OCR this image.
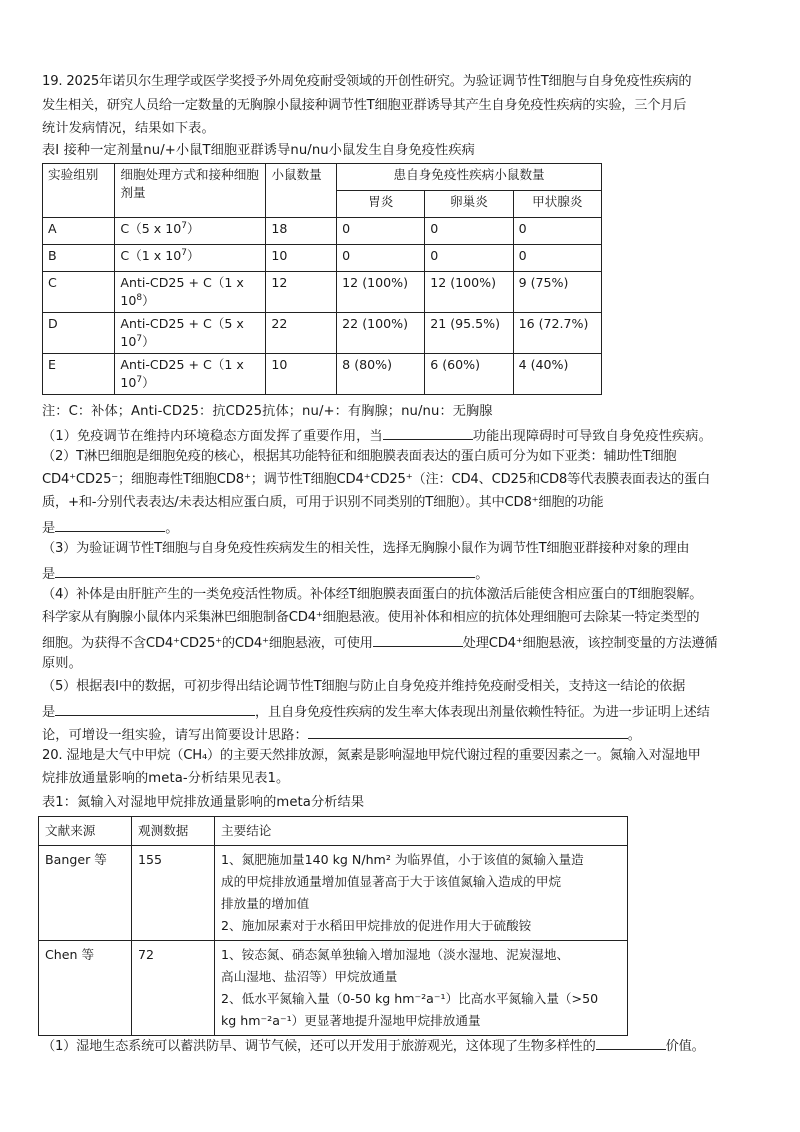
19. 2025年诺贝尔生理学或医学奖授予外周免疫耐受领域的开创性研究。为验证调节性T细胞与自身免疫性疾病的
发生相关，研究人员给一定数量的无胸腺小鼠接种调节性T细胞亚群诱导其产生自身免疫性疾病的实验，三个月后
统计发病情况，结果如下表。
表Ⅰ 接种一定剂量nu/+小鼠T细胞亚群诱导nu/nu小鼠发生自身免疫性疾病
实验组别	细胞处理方式和接种细胞剂量	小鼠数量	患自身免疫性疾病小鼠数量		
			胃炎	卵巢炎	甲状腺炎
A	C（5 x $10^7$）	18	0	0	0
B	C（1 x $10^7$）	10	0	0	0
C	Anti-CD25 + C（1 x $10^8$）	12	12 (100%)	12 (100%)	9 (75%)
D	Anti-CD25 + C（5 x $10^7$）	22	22 (100%)	21 (95.5%)	16 (72.7%)
E	Anti-CD25 + C（1 x $10^7$）	10	8 (80%)	6 (60%)	4 (40%)
注：C：补体；Anti-CD25：抗CD25抗体；nu/+：有胸腺；nu/nu：无胸腺
（1）免疫调节在维持内环境稳态方面发挥了重要作用，当	功能出现障碍时可导致自身免疫性疾病。
（2）T淋巴细胞是细胞免疫的核心，根据其功能特征和细胞膜表面表达的蛋白质可分为如下亚类：辅助性T细胞
CD4⁺CD25⁻；细胞毒性T细胞CD8⁺；调节性T细胞CD4⁺CD25⁺（注：CD4、CD25和CD8等代表膜表面表达的蛋白
质，+和-分别代表表达/未表达相应蛋白质，可用于识别不同类别的T细胞）。其中CD8⁺细胞的功能
是	。
（3）为验证调节性T细胞与自身免疫性疾病发生的相关性，选择无胸腺小鼠作为调节性T细胞亚群接种对象的理由
是	。
（4）补体是由肝脏产生的一类免疫活性物质。补体经T细胞膜表面蛋白的抗体激活后能使含相应蛋白的T细胞裂解。
科学家从有胸腺小鼠体内采集淋巴细胞制备CD4⁺细胞悬液。使用补体和相应的抗体处理细胞可去除某一特定类型的
细胞。为获得不含CD4⁺CD25⁺的CD4⁺细胞悬液，可使用	处理CD4⁺细胞悬液，该控制变量的方法遵循
原则。
（5）根据表Ⅰ中的数据，可初步得出结论调节性T细胞与防止自身免疫并维持免疫耐受相关，支持这一结论的依据
是	，且自身免疫性疾病的发生率大体表现出剂量依赖性特征。为进一步证明上述结
论，可增设一组实验，请写出简要设计思路：	。
20. 湿地是大气中甲烷（CH₄）的主要天然排放源，氮素是影响湿地甲烷代谢过程的重要因素之一。氮输入对湿地甲
烷排放通量影响的meta-分析结果见表1。
表1：氮输入对湿地甲烷排放通量影响的meta分析结果
文献来源	观测数据	主要结论
Banger 等	155	1、氮肥施加量140 kg N/hm² 为临界值，小于该值的氮输入量造
成的甲烷排放通量增加值显著高于大于该值氮输入造成的甲烷
排放量的增加值
2、施加尿素对于水稻田甲烷排放的促进作用大于硫酸铵

Chen 等	72	1、铵态氮、硝态氮单独输入增加湿地（淡水湿地、泥炭湿地、
高山湿地、盐沼等）甲烷放通量
2、低水平氮输入量（0-50 kg hm⁻²a⁻¹）比高水平氮输入量（>50
kg hm⁻²a⁻¹）更显著地提升湿地甲烷排放通量
（1）湿地生态系统可以蓄洪防旱、调节气候，还可以开发用于旅游观光，这体现了生物多样性的	价值。
